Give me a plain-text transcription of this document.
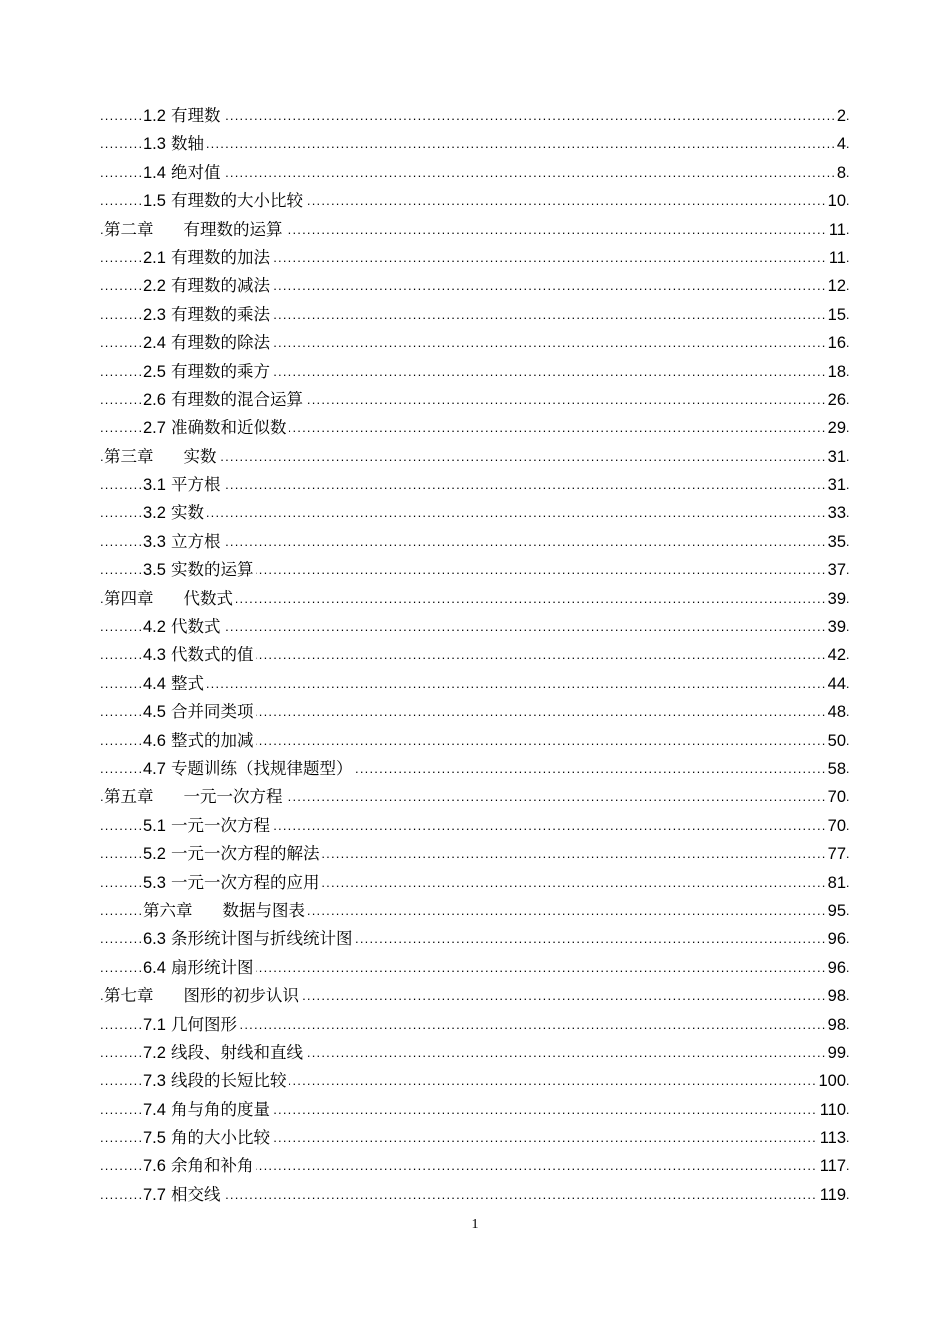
.....
1.2 有理数	2
.....
1.3 数轴	4
.....
1.4 绝对值	8
.....
1.5 有理数的大小比较	10
.....
第二章 有理数的运算	11
.....
2.1 有理数的加法	11
.....
2.2 有理数的减法	12
.....
2.3 有理数的乘法	15
.....
2.4 有理数的除法	16
.....
2.5 有理数的乘方	18
.....
2.6 有理数的混合运算	26
.....
2.7 准确数和近似数	29
.....
第三章 实数	31
.....
3.1 平方根	31
.....
3.2 实数	33
.....
3.3 立方根	35
.....
3.5 实数的运算	37
.....
第四章 代数式	39
.....
4.2 代数式	39
.....
4.3 代数式的值	42
.....
4.4 整式	44
.....
4.5 合并同类项	48
.....
4.6 整式的加减	50
.....
4.7 专题训练（找规律题型）	58
.....
第五章 一元一次方程	70
.....
5.1 一元一次方程	70
.....
5.2 一元一次方程的解法	77
.....
5.3 一元一次方程的应用	81
.....
第六章 数据与图表	95
.....
6.3 条形统计图与折线统计图	96
.....
6.4 扇形统计图	96
.....
第七章 图形的初步认识	98
.....
7.1 几何图形	98
.....
7.2 线段、射线和直线	99
.....
7.3 线段的长短比较	100
.....
7.4 角与角的度量	110
.....
7.5 角的大小比较	113
.....
7.6 余角和补角	117
.....
7.7 相交线	119
1
